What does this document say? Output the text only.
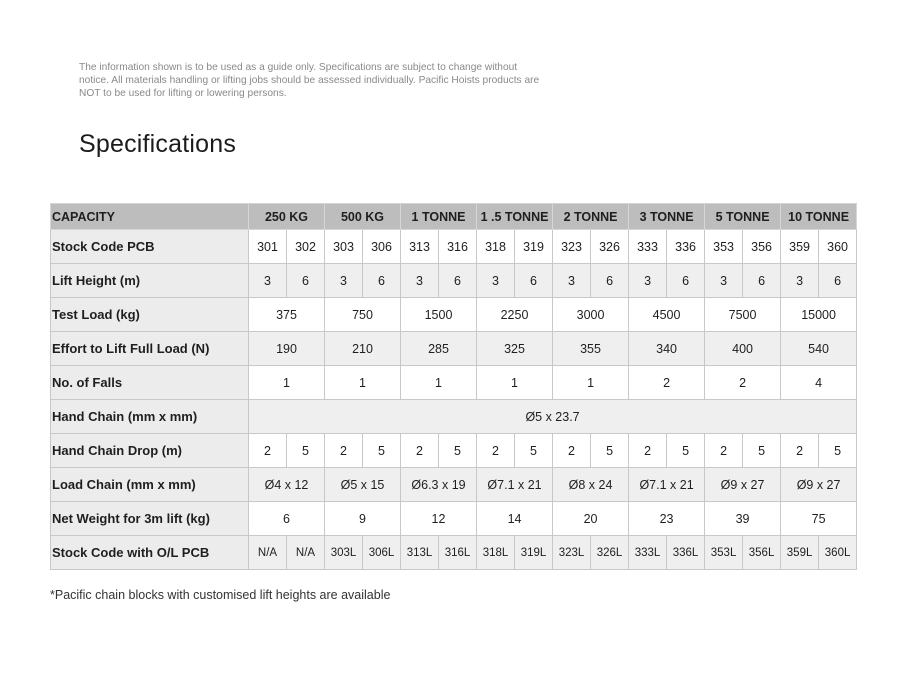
The information shown is to be used as a guide only. Specifications are subject to change without notice. All materials handling or lifting jobs should be assessed individually. Pacific Hoists products are NOT to be used for lifting or lowering persons.
Specifications
CAPACITY	250 KG		500 KG		1 TONNE		1 .5 TONNE		2 TONNE		3 TONNE		5 TONNE		10 TONNE	
Stock Code PCB	301	302	303	306	313	316	318	319	323	326	333	336	353	356	359	360
Lift Height (m)	3	6	3	6	3	6	3	6	3	6	3	6	3	6	3	6
Test Load (kg)	375		750		1500		2250		3000		4500		7500		15000	
Effort to Lift Full Load (N)	190		210		285		325		355		340		400		540	
No. of Falls	1		1		1		1		1		2		2		4	
Hand Chain (mm x mm)	Ø5 x 23.7															
Hand Chain Drop (m)	2	5	2	5	2	5	2	5	2	5	2	5	2	5	2	5
Load Chain (mm x mm)	Ø4 x 12		Ø5 x 15		Ø6.3 x 19		Ø7.1 x 21		Ø8 x 24		Ø7.1 x 21		Ø9 x 27		Ø9 x 27	
Net Weight for 3m lift (kg)	6		9		12		14		20		23		39		75	
Stock Code with O/L PCB	N/A	N/A	303L	306L	313L	316L	318L	319L	323L	326L	333L	336L	353L	356L	359L	360L
*Pacific chain blocks with customised lift heights are available
